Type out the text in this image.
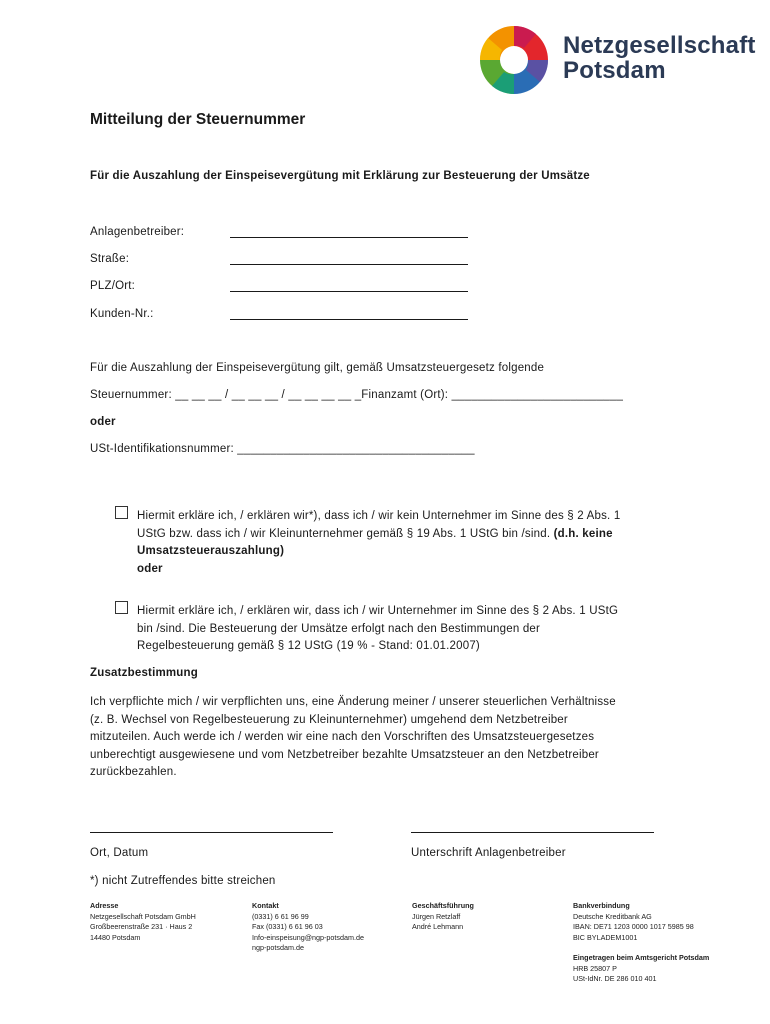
Netzgesellschaft
Potsdam
Mitteilung der Steuernummer
Für die Auszahlung der Einspeisevergütung mit Erklärung zur Besteuerung der Umsätze
Anlagenbetreiber:
Straße:
PLZ/Ort:
Kunden-Nr.:
Für die Auszahlung der Einspeisevergütung gilt, gemäß Umsatzsteuergesetz folgende
Steuernummer: __ __ __ / __ __ __ / __ __ __ __ _Finanzamt (Ort): __________________________
oder
USt-Identifikationsnummer: ____________________________________
Hiermit erkläre ich, / erklären wir*), dass ich / wir kein Unternehmer im Sinne des § 2 Abs. 1
UStG bzw. dass ich / wir Kleinunternehmer gemäß § 19 Abs. 1 UStG bin /sind. (d.h. keine
Umsatzsteuerauszahlung)
oder
Hiermit erkläre ich, / erklären wir, dass ich / wir Unternehmer im Sinne des § 2 Abs. 1 UStG
bin /sind. Die Besteuerung der Umsätze erfolgt nach den Bestimmungen der
Regelbesteuerung gemäß § 12 UStG (19 % - Stand: 01.01.2007)
Zusatzbestimmung
Ich verpflichte mich / wir verpflichten uns, eine Änderung meiner / unserer steuerlichen Verhältnisse
(z. B. Wechsel von Regelbesteuerung zu Kleinunternehmer) umgehend dem Netzbetreiber
mitzuteilen. Auch werde ich / werden wir eine nach den Vorschriften des Umsatzsteuergesetzes
unberechtigt ausgewiesene und vom Netzbetreiber bezahlte Umsatzsteuer an den Netzbetreiber
zurückbezahlen.
Ort, Datum	Unterschrift Anlagenbetreiber
*) nicht Zutreffendes bitte streichen
Adresse
Netzgesellschaft Potsdam GmbH
Großbeerenstraße 231 · Haus 2
14480 Potsdam
Kontakt
(0331) 6 61 96 99
Fax (0331) 6 61 96 03
Info-einspeisung@ngp-potsdam.de
ngp-potsdam.de
Geschäftsführung
Jürgen Retzlaff
André Lehmann
Bankverbindung
Deutsche Kreditbank AG
IBAN: DE71 1203 0000 1017 5985 98
BIC BYLADEM1001
Eingetragen beim Amtsgericht Potsdam
HRB 25807 P
USt-IdNr. DE 286 010 401
